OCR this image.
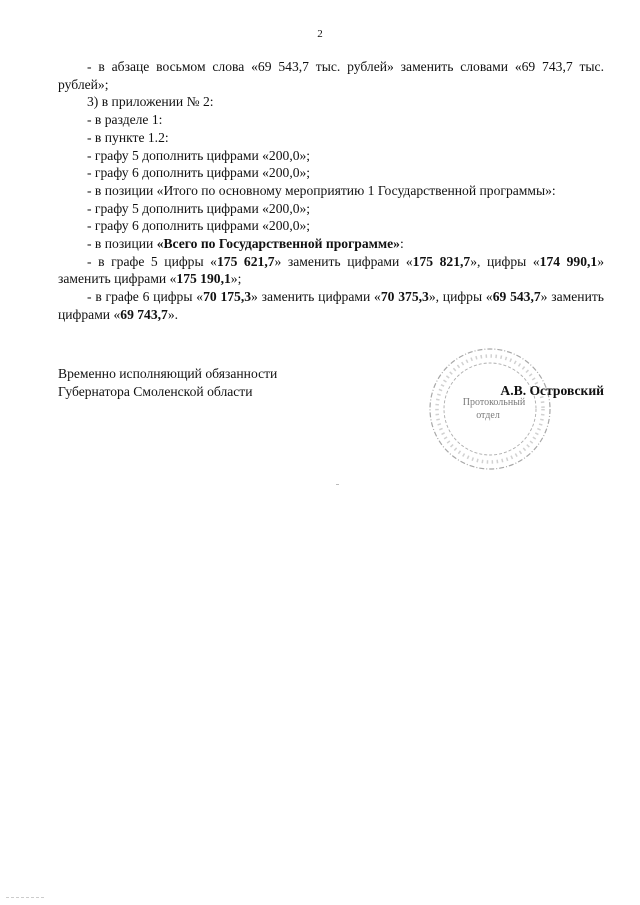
2

- в абзаце восьмом слова «69 543,7 тыс. рублей» заменить словами «69 743,7 тыс. рублей»;

3) в приложении № 2:

- в разделе 1:

- в пункте 1.2:

- графу 5 дополнить цифрами «200,0»;

- графу 6 дополнить цифрами «200,0»;

- в позиции «Итого по основному мероприятию 1 Государственной программы»:

- графу 5 дополнить цифрами «200,0»;

- графу 6 дополнить цифрами «200,0»;

- в позиции «Всего по Государственной программе»:

- в графе 5 цифры «175 621,7» заменить цифрами «175 821,7», цифры «174 990,1» заменить цифрами «175 190,1»;

- в графе 6 цифры «70 175,3» заменить цифрами «70 375,3», цифры «69 543,7» заменить цифрами «69 743,7».

Временно исполняющий обязанности
Губернатора Смоленской области
Протокольный
отдел
А.В. Островский
